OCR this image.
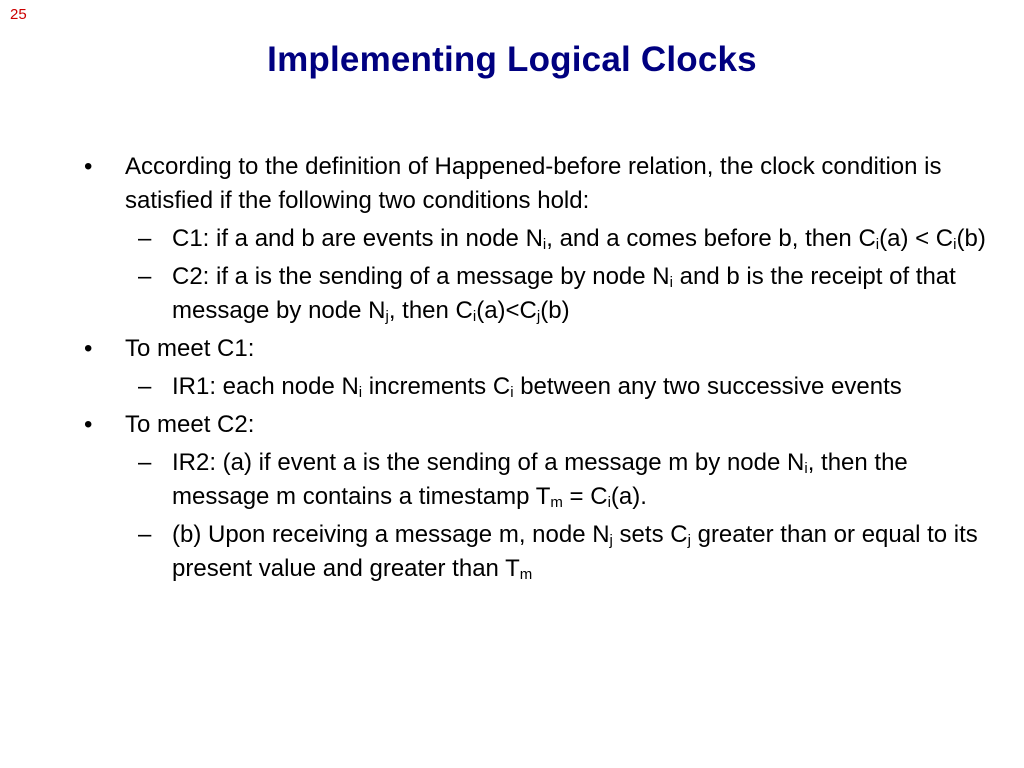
25
Implementing Logical Clocks
• According to the definition of Happened-before relation, the clock condition is satisfied if the following two conditions hold:
– C1: if a and b are events in node $N_i$, and a comes before b, then $C_i(a) < C_i(b)$
– C2: if a is the sending of a message by node $N_i$ and b is the receipt of that message by node $N_j$, then $C_i(a)<C_j(b)$
• To meet C1:
– IR1: each node $N_i$ increments $C_i$ between any two successive events
• To meet C2:
– IR2: (a) if event a is the sending of a message m by node $N_i$, then the message m contains a timestamp $T_m = C_i(a)$.
– (b) Upon receiving a message m, node $N_j$ sets $C_j$ greater than or equal to its present value and greater than $T_m$
